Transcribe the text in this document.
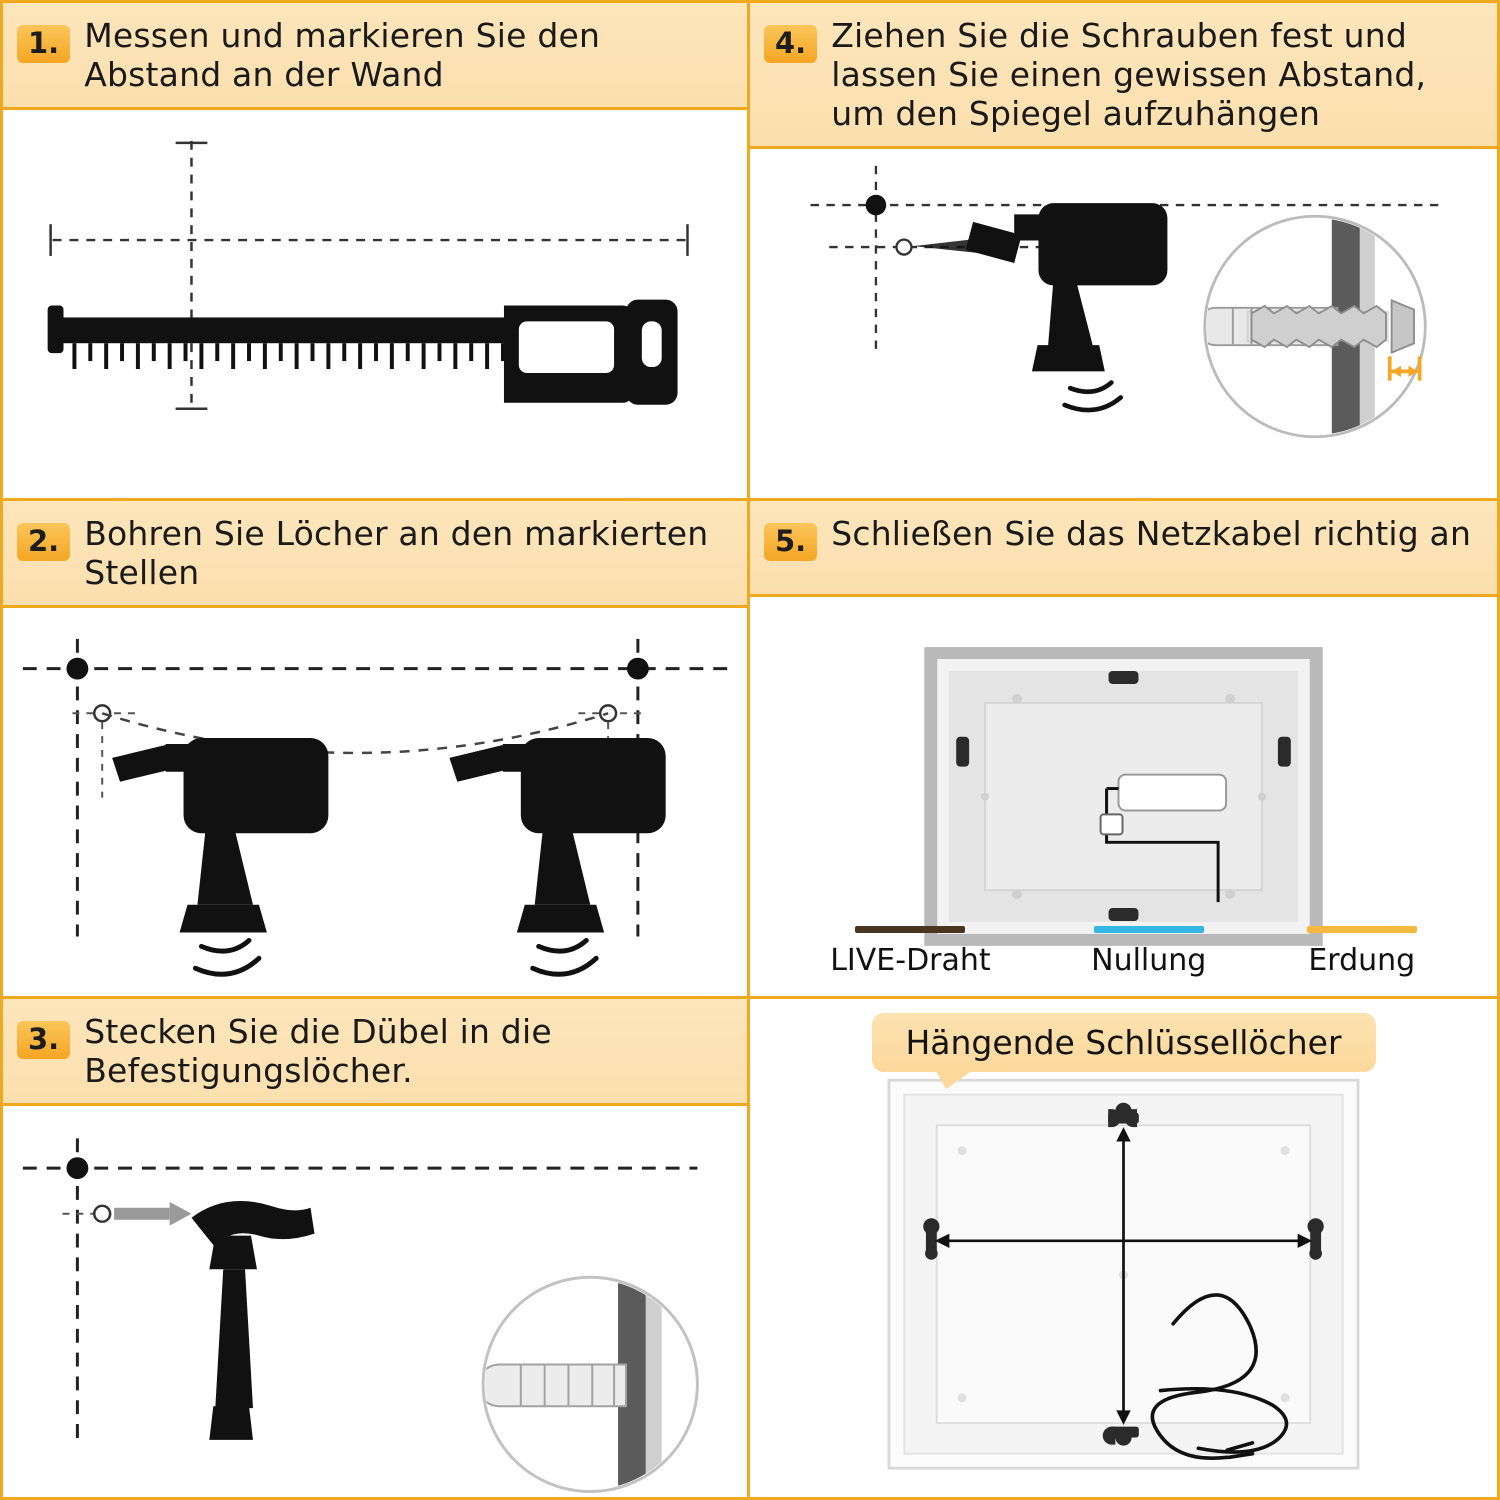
1. Messen und markieren Sie den Abstand an der Wand
4. Ziehen Sie die Schrauben fest und lassen Sie einen gewissen Abstand, um den Spiegel aufzuhängen
2. Bohren Sie Löcher an den markierten Stellen
5. Schließen Sie das Netzkabel richtig an
LIVE-Draht	Nullung	Erdung
3. Stecken Sie die Dübel in die Befestigungslöcher.
Hängende Schlüssellöcher
